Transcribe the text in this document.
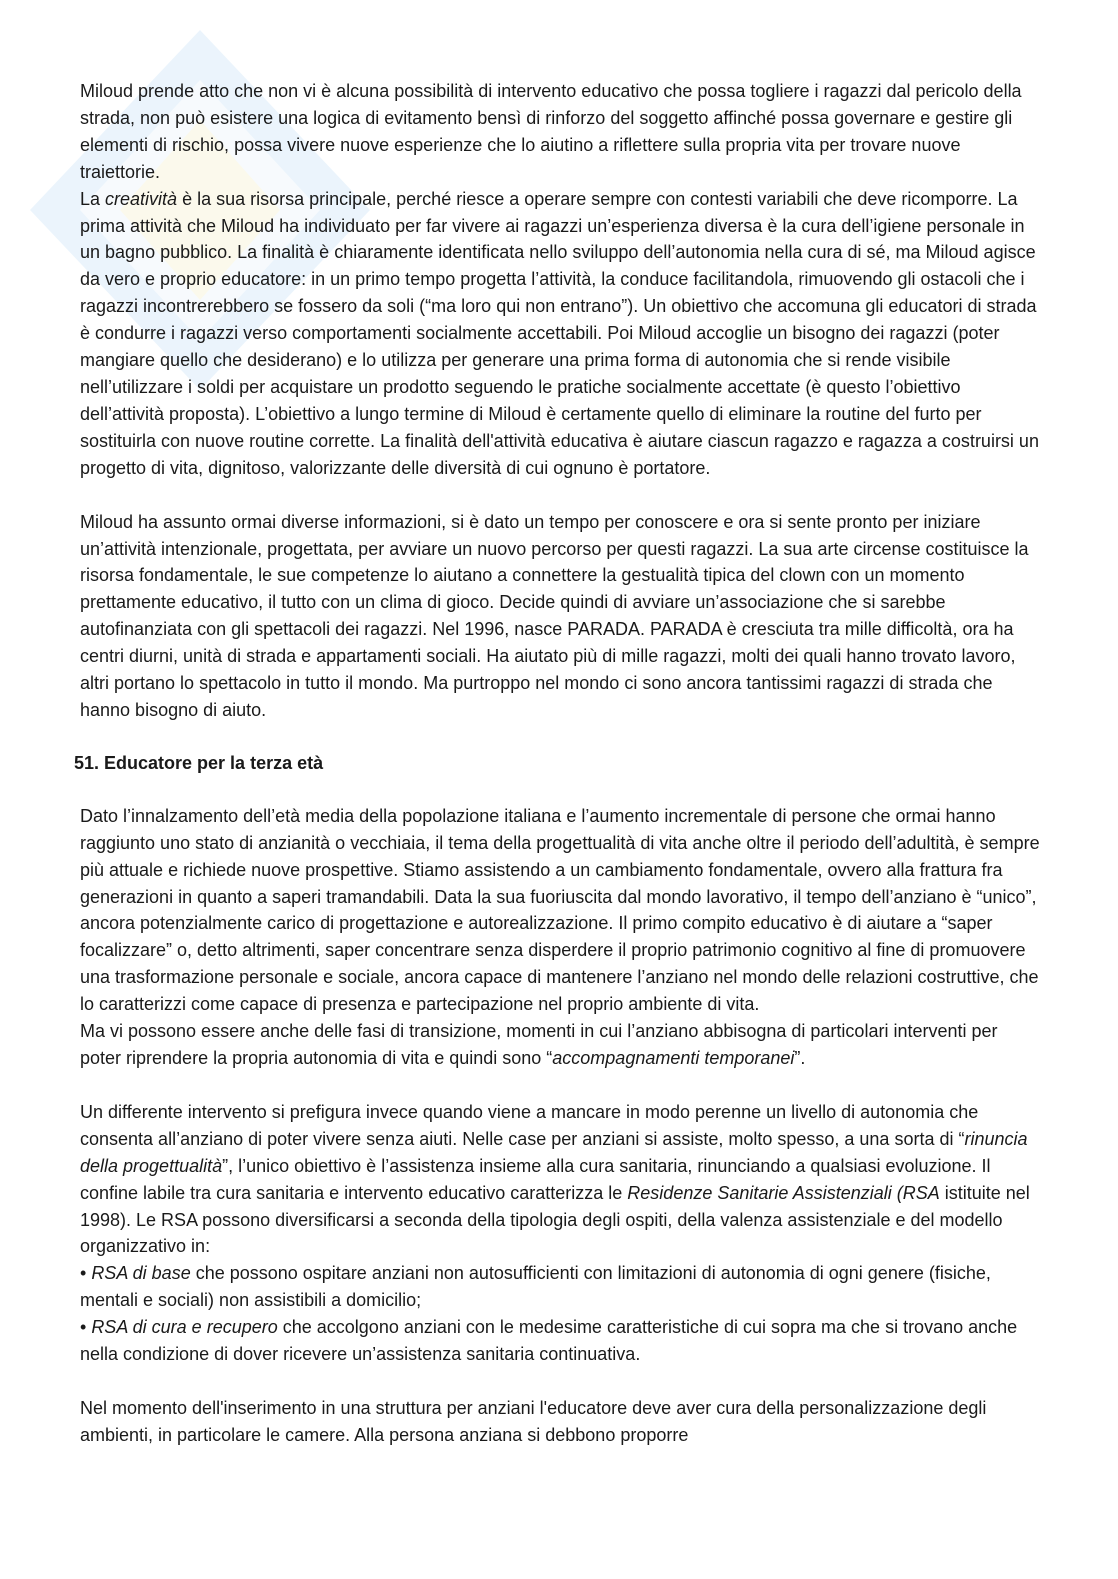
Miloud prende atto che non vi è alcuna possibilità di intervento educativo che possa togliere i ragazzi dal pericolo della strada, non può esistere una logica di evitamento bensì di rinforzo del soggetto affinché possa governare e gestire gli elementi di rischio, possa vivere nuove esperienze che lo aiutino a riflettere sulla propria vita per trovare nuove traiettorie.

La creatività è la sua risorsa principale, perché riesce a operare sempre con contesti variabili che deve ricomporre. La prima attività che Miloud ha individuato per far vivere ai ragazzi un’esperienza diversa è la cura dell’igiene personale in un bagno pubblico. La finalità è chiaramente identificata nello sviluppo dell’autonomia nella cura di sé, ma Miloud agisce da vero e proprio educatore: in un primo tempo progetta l’attività, la conduce facilitandola, rimuovendo gli ostacoli che i ragazzi incontrerebbero se fossero da soli (“ma loro qui non entrano”). Un obiettivo che accomuna gli educatori di strada è condurre i ragazzi verso comportamenti socialmente accettabili. Poi Miloud accoglie un bisogno dei ragazzi (poter mangiare quello che desiderano) e lo utilizza per generare una prima forma di autonomia che si rende visibile nell’utilizzare i soldi per acquistare un prodotto seguendo le pratiche socialmente accettate (è questo l’obiettivo dell’attività proposta). L’obiettivo a lungo termine di Miloud è certamente quello di eliminare la routine del furto per sostituirla con nuove routine corrette. La finalità dell'attività educativa è aiutare ciascun ragazzo e ragazza a costruirsi un progetto di vita, dignitoso, valorizzante delle diversità di cui ognuno è portatore.

Miloud ha assunto ormai diverse informazioni, si è dato un tempo per conoscere e ora si sente pronto per iniziare un’attività intenzionale, progettata, per avviare un nuovo percorso per questi ragazzi. La sua arte circense costituisce la risorsa fondamentale, le sue competenze lo aiutano a connettere la gestualità tipica del clown con un momento prettamente educativo, il tutto con un clima di gioco. Decide quindi di avviare un’associazione che si sarebbe autofinanziata con gli spettacoli dei ragazzi. Nel 1996, nasce PARADA. PARADA è cresciuta tra mille difficoltà, ora ha centri diurni, unità di strada e appartamenti sociali. Ha aiutato più di mille ragazzi, molti dei quali hanno trovato lavoro, altri portano lo spettacolo in tutto il mondo. Ma purtroppo nel mondo ci sono ancora tantissimi ragazzi di strada che hanno bisogno di aiuto.

51. Educatore per la terza età

Dato l’innalzamento dell’età media della popolazione italiana e l’aumento incrementale di persone che ormai hanno raggiunto uno stato di anzianità o vecchiaia, il tema della progettualità di vita anche oltre il periodo dell’adultità, è sempre più attuale e richiede nuove prospettive. Stiamo assistendo a un cambiamento fondamentale, ovvero alla frattura fra generazioni in quanto a saperi tramandabili. Data la sua fuoriuscita dal mondo lavorativo, il tempo dell’anziano è “unico”, ancora potenzialmente carico di progettazione e autorealizzazione. Il primo compito educativo è di aiutare a “saper focalizzare” o, detto altrimenti, saper concentrare senza disperdere il proprio patrimonio cognitivo al fine di promuovere una trasformazione personale e sociale, ancora capace di mantenere l’anziano nel mondo delle relazioni costruttive, che lo caratterizzi come capace di presenza e partecipazione nel proprio ambiente di vita.

Ma vi possono essere anche delle fasi di transizione, momenti in cui l’anziano abbisogna di particolari interventi per poter riprendere la propria autonomia di vita e quindi sono “accompagnamenti temporanei”.

Un differente intervento si prefigura invece quando viene a mancare in modo perenne un livello di autonomia che consenta all’anziano di poter vivere senza aiuti. Nelle case per anziani si assiste, molto spesso, a una sorta di “rinuncia della progettualità”, l’unico obiettivo è l’assistenza insieme alla cura sanitaria, rinunciando a qualsiasi evoluzione. Il confine labile tra cura sanitaria e intervento educativo caratterizza le Residenze Sanitarie Assistenziali (RSA istituite nel 1998). Le RSA possono diversificarsi a seconda della tipologia degli ospiti, della valenza assistenziale e del modello organizzativo in:

• RSA di base che possono ospitare anziani non autosufficienti con limitazioni di autonomia di ogni genere (fisiche, mentali e sociali) non assistibili a domicilio;

• RSA di cura e recupero che accolgono anziani con le medesime caratteristiche di cui sopra ma che si trovano anche nella condizione di dover ricevere un’assistenza sanitaria continuativa.

Nel momento dell'inserimento in una struttura per anziani l'educatore deve aver cura della personalizzazione degli ambienti, in particolare le camere. Alla persona anziana si debbono proporre
